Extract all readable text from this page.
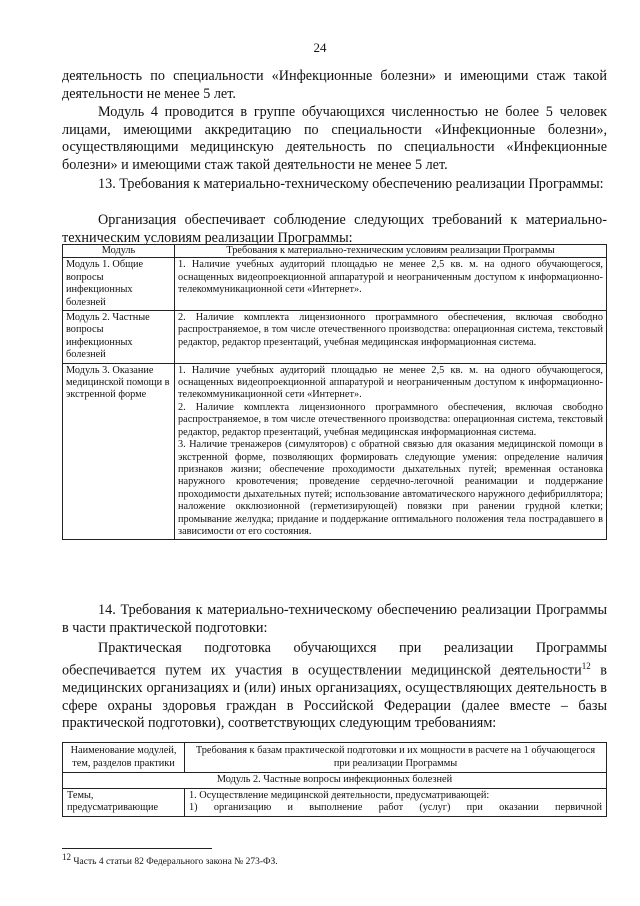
24
деятельность по специальности «Инфекционные болезни» и имеющими стаж такой деятельности не менее 5 лет.
Модуль 4 проводится в группе обучающихся численностью не более 5 человек лицами, имеющими аккредитацию по специальности «Инфекционные болезни», осуществляющими медицинскую деятельность по специальности «Инфекционные болезни» и имеющими стаж такой деятельности не менее 5 лет.
13. Требования к материально-техническому обеспечению реализации Программы:
Организация обеспечивает соблюдение следующих требований к материально-техническим условиям реализации Программы:
Модуль	Требования к материально-техническим условиям реализации Программы
Модуль 1. Общие вопросы инфекционных болезней	1. Наличие учебных аудиторий площадью не менее 2,5 кв. м. на одного обучающегося, оснащенных видеопроекционной аппаратурой и неограниченным доступом к информационно-телекоммуникационной сети «Интернет».
Модуль 2. Частные вопросы инфекционных болезней	2. Наличие комплекта лицензионного программного обеспечения, включая свободно распространяемое, в том числе отечественного производства: операционная система, текстовый редактор, редактор презентаций, учебная медицинская информационная система.
Модуль 3. Оказание медицинской помощи в экстренной форме	1. Наличие учебных аудиторий площадью не менее 2,5 кв. м. на одного обучающегося, оснащенных видеопроекционной аппаратурой и неограниченным доступом к информационно-телекоммуникационной сети «Интернет».
2. Наличие комплекта лицензионного программного обеспечения, включая свободно распространяемое, в том числе отечественного производства: операционная система, текстовый редактор, редактор презентаций, учебная медицинская информационная система.
3. Наличие тренажеров (симуляторов) с обратной связью для оказания медицинской помощи в экстренной форме, позволяющих формировать следующие умения: определение наличия признаков жизни; обеспечение проходимости дыхательных путей; временная остановка наружного кровотечения; проведение сердечно-легочной реанимации и поддержание проходимости дыхательных путей; использование автоматического наружного дефибриллятора; наложение окклюзионной (герметизирующей) повязки при ранении грудной клетки; промывание желудка; придание и поддержание оптимального положения тела пострадавшего в зависимости от его состояния.
14. Требования к материально-техническому обеспечению реализации Программы в части практической подготовки:
Практическая подготовка обучающихся при реализации Программы обеспечивается путем их участия в осуществлении медицинской деятельности$^{12}$ в медицинских организациях и (или) иных организациях, осуществляющих деятельность в сфере охраны здоровья граждан в Российской Федерации (далее вместе – базы практической подготовки), соответствующих следующим требованиям:
Наименование модулей, тем, разделов практики	Требования к базам практической подготовки и их мощности в расчете на 1 обучающегося при реализации Программы
Модуль 2. Частные вопросы инфекционных болезней	
Темы, предусматривающие	1. Осуществление медицинской деятельности, предусматривающей:
1) организацию и выполнение работ (услуг) при оказании первичной
$^{12}$ Часть 4 статьи 82 Федерального закона № 273-ФЗ.
